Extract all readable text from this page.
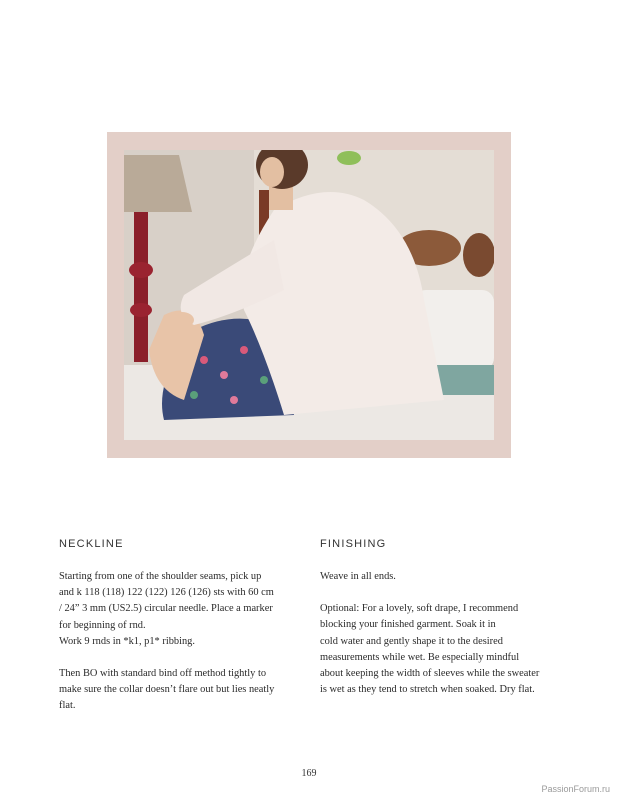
NECKLINE

Starting from one of the shoulder seams, pick up
and k 118 (118) 122 (122) 126 (126) sts with 60 cm
/ 24” 3 mm (US2.5) circular needle. Place a marker
for beginning of rnd.
Work 9 rnds in *k1, p1* ribbing.

Then BO with standard bind off method tightly to
make sure the collar doesn’t flare out but lies neatly
flat.

FINISHING

Weave in all ends.

Optional: For a lovely, soft drape, I recommend
blocking your finished garment. Soak it in
cold water and gently shape it to the desired
measurements while wet. Be especially mindful
about keeping the width of sleeves while the sweater
is wet as they tend to stretch when soaked. Dry flat.

169
PassionForum.ru
